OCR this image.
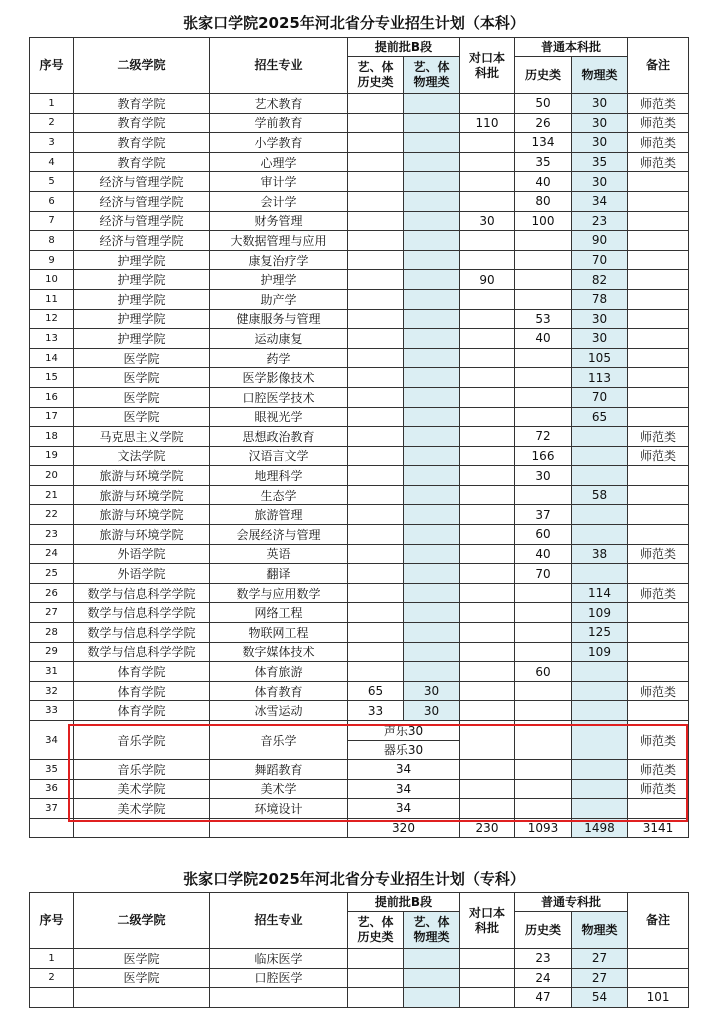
张家口学院2025年河北省分专业招生计划（本科）
序号	二级学院	招生专业	提前批B段		对口本科批	普通本科批		备注
			艺、体历史类	艺、体物理类		历史类	物理类	
1	教育学院	艺术教育				50	30	师范类
2	教育学院	学前教育			110	26	30	师范类
3	教育学院	小学教育				134	30	师范类
4	教育学院	心理学				35	35	师范类
5	经济与管理学院	审计学				40	30	
6	经济与管理学院	会计学				80	34	
7	经济与管理学院	财务管理			30	100	23	
8	经济与管理学院	大数据管理与应用					90	
9	护理学院	康复治疗学					70	
10	护理学院	护理学			90		82	
11	护理学院	助产学					78	
12	护理学院	健康服务与管理				53	30	
13	护理学院	运动康复				40	30	
14	医学院	药学					105	
15	医学院	医学影像技术					113	
16	医学院	口腔医学技术					70	
17	医学院	眼视光学					65	
18	马克思主义学院	思想政治教育				72		师范类
19	文法学院	汉语言文学				166		师范类
20	旅游与环境学院	地理科学				30		
21	旅游与环境学院	生态学					58	
22	旅游与环境学院	旅游管理				37		
23	旅游与环境学院	会展经济与管理				60		
24	外语学院	英语				40	38	师范类
25	外语学院	翻译				70		
26	数学与信息科学学院	数学与应用数学					114	师范类
27	数学与信息科学学院	网络工程					109	
28	数学与信息科学学院	物联网工程					125	
29	数学与信息科学学院	数字媒体技术					109	
31	体育学院	体育旅游				60		
32	体育学院	体育教育	65	30				师范类
33	体育学院	冰雪运动	33	30				
34	音乐学院	音乐学	声乐30					师范类
			器乐30					
35	音乐学院	舞蹈教育	34					师范类
36	美术学院	美术学	34					师范类
37	美术学院	环境设计	34					
			320		230	1093	1498	3141
张家口学院2025年河北省分专业招生计划（专科）
序号	二级学院	招生专业	提前批B段		对口本科批	普通专科批		备注
			艺、体历史类	艺、体物理类		历史类	物理类	
1	医学院	临床医学				23	27	
2	医学院	口腔医学				24	27	
						47	54	101
